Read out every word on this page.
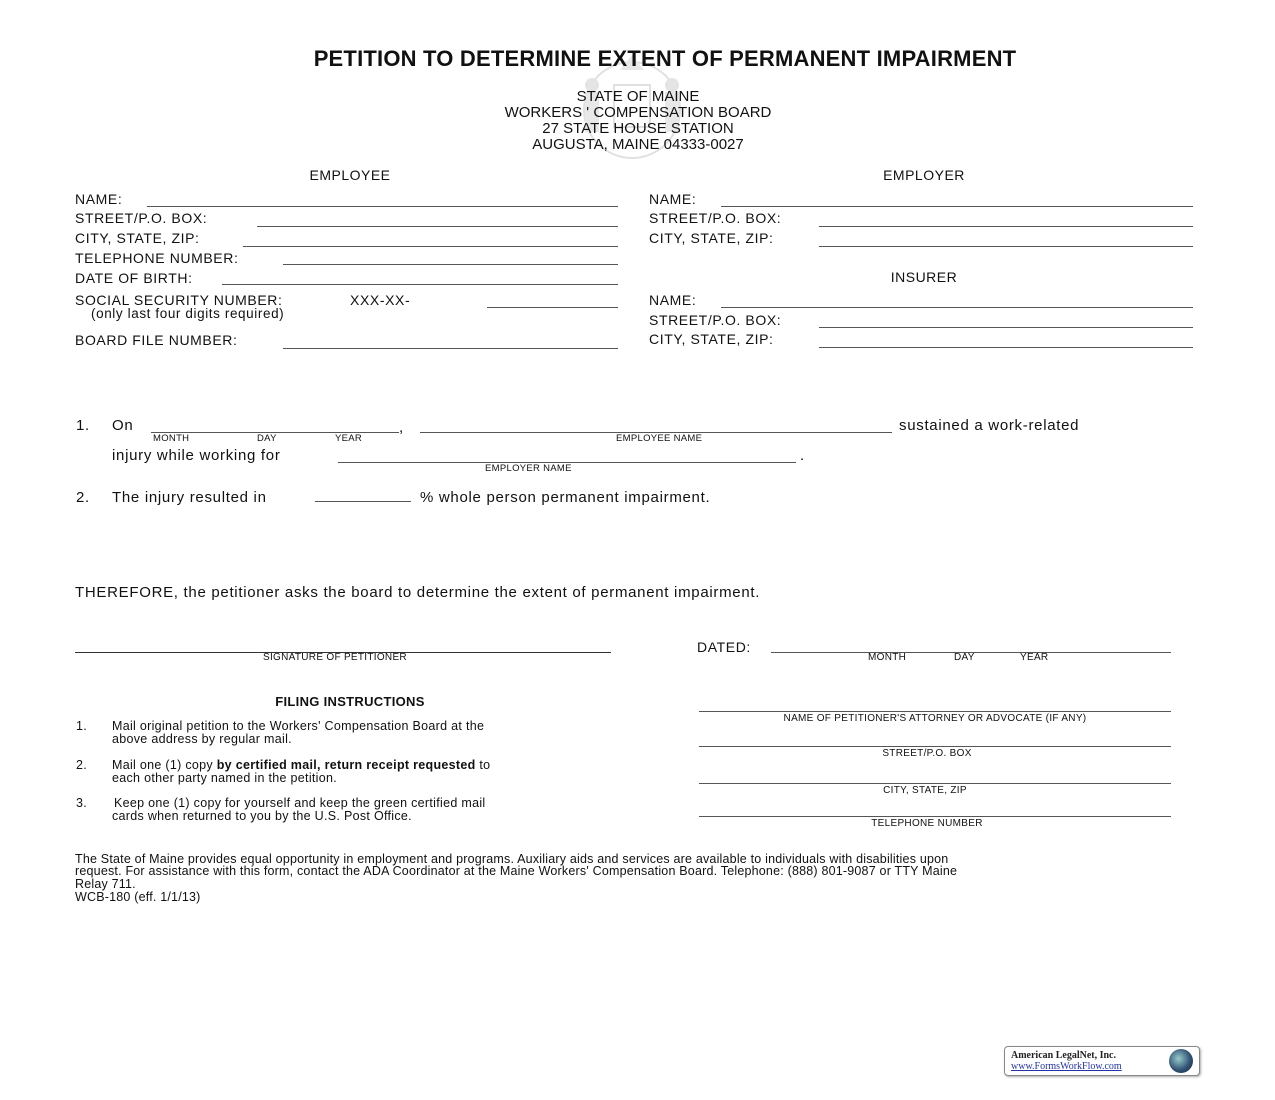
PETITION TO DETERMINE EXTENT OF PERMANENT IMPAIRMENT
STATE OF MAINE
WORKERS ' COMPENSATION BOARD
27 STATE HOUSE STATION
AUGUSTA, MAINE 04333-0027
EMPLOYEE
NAME:
STREET/P.O. BOX:
CITY, STATE, ZIP:
TELEPHONE NUMBER:
DATE OF BIRTH:
SOCIAL SECURITY NUMBER:	XXX-XX-
(only last four digits required)
BOARD FILE NUMBER:
EMPLOYER
NAME:
STREET/P.O. BOX:
CITY, STATE, ZIP:
INSURER
NAME:
STREET/P.O. BOX:
CITY, STATE, ZIP:
1. On	,
MONTH	DAY	YEAR	EMPLOYEE NAME
sustained a work-related
injury while working for	.
EMPLOYER NAME
2. The injury resulted in	% whole person permanent impairment.
THEREFORE, the petitioner asks the board to determine the extent of permanent impairment.
SIGNATURE OF PETITIONER
DATED:
MONTH	DAY	YEAR
NAME OF PETITIONER'S ATTORNEY OR ADVOCATE (IF ANY)
STREET/P.O. BOX
CITY, STATE, ZIP
TELEPHONE NUMBER
FILING INSTRUCTIONS
1. Mail original petition to the Workers' Compensation Board at the
above address by regular mail.
2. Mail one (1) copy by certified mail, return receipt requested to
each other party named in the petition.
3. Keep one (1) copy for yourself and keep the green certified mail
cards when returned to you by the U.S. Post Office.
The State of Maine provides equal opportunity in employment and programs. Auxiliary aids and services are available to individuals with disabilities upon
request. For assistance with this form, contact the ADA Coordinator at the Maine Workers' Compensation Board. Telephone: (888) 801-9087 or TTY Maine
Relay 711.
WCB-180 (eff. 1/1/13)
American LegalNet, Inc.
www.FormsWorkFlow.com
